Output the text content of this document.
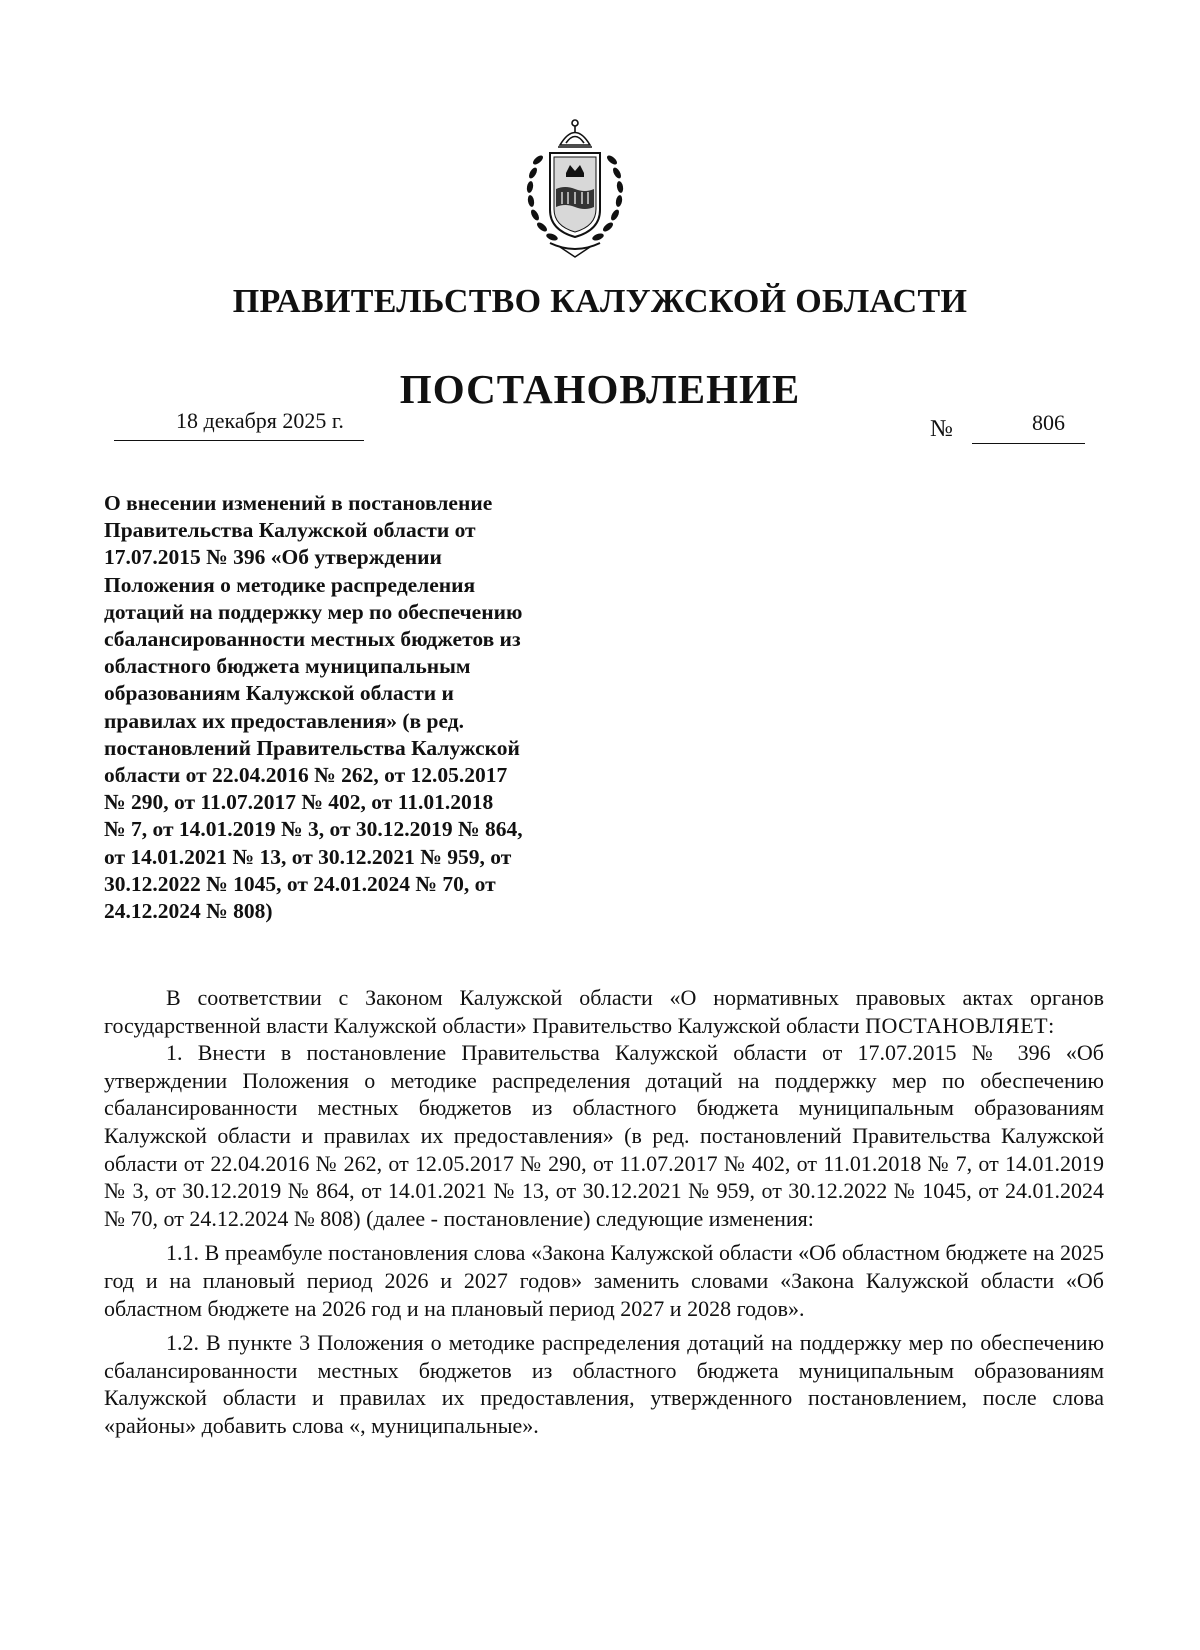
ПРАВИТЕЛЬСТВО КАЛУЖСКОЙ ОБЛАСТИ
ПОСТАНОВЛЕНИЕ
18 декабря 2025 г.	№	806
О внесении изменений в постановление
Правительства Калужской области от
17.07.2015 № 396 «Об утверждении
Положения о методике распределения
дотаций на поддержку мер по обеспечению
сбалансированности местных бюджетов из
областного бюджета муниципальным
образованиям Калужской области и
правилах их предоставления» (в ред.
постановлений Правительства Калужской
области от 22.04.2016 № 262, от 12.05.2017
№ 290, от 11.07.2017 № 402, от 11.01.2018
№ 7, от 14.01.2019 № 3, от 30.12.2019 № 864,
от 14.01.2021 № 13, от 30.12.2021 № 959, от
30.12.2022 № 1045, от 24.01.2024 № 70, от
24.12.2024 № 808)

В соответствии с Законом Калужской области «О нормативных правовых актах органов государственной власти Калужской области» Правительство Калужской области ПОСТАНОВЛЯЕТ:

1. Внести в постановление Правительства Калужской области от 17.07.2015 № 396 «Об утверждении Положения о методике распределения дотаций на поддержку мер по обеспечению сбалансированности местных бюджетов из областного бюджета муниципальным образованиям Калужской области и правилах их предоставления» (в ред. постановлений Правительства Калужской области от 22.04.2016 № 262, от 12.05.2017 № 290, от 11.07.2017 № 402, от 11.01.2018 № 7, от 14.01.2019 № 3, от 30.12.2019 № 864, от 14.01.2021 № 13, от 30.12.2021 № 959, от 30.12.2022 № 1045, от 24.01.2024 № 70, от 24.12.2024 № 808) (далее - постановление) следующие изменения:

1.1. В преамбуле постановления слова «Закона Калужской области «Об областном бюджете на 2025 год и на плановый период 2026 и 2027 годов» заменить словами «Закона Калужской области «Об областном бюджете на 2026 год и на плановый период 2027 и 2028 годов».

1.2. В пункте 3 Положения о методике распределения дотаций на поддержку мер по обеспечению сбалансированности местных бюджетов из областного бюджета муниципальным образованиям Калужской области и правилах их предоставления, утвержденного постановлением, после слова «районы» добавить слова «, муниципальные».
